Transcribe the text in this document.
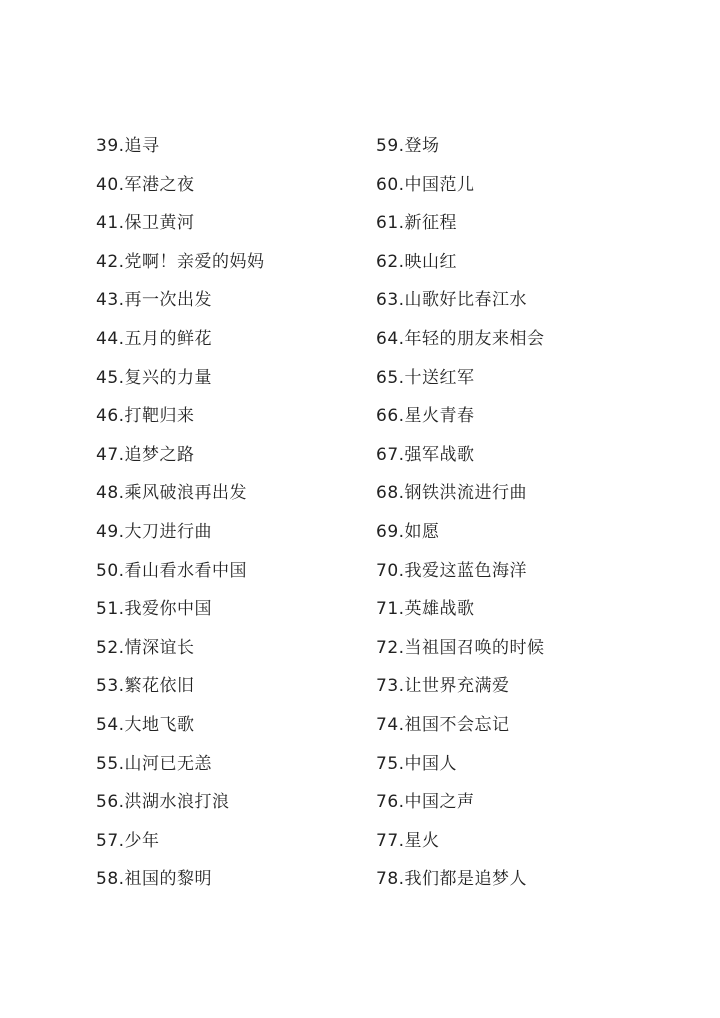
39.追寻
40.军港之夜
41.保卫黄河
42.党啊！亲爱的妈妈
43.再一次出发
44.五月的鲜花
45.复兴的力量
46.打靶归来
47.追梦之路
48.乘风破浪再出发
49.大刀进行曲
50.看山看水看中国
51.我爱你中国
52.情深谊长
53.繁花依旧
54.大地飞歌
55.山河已无恙
56.洪湖水浪打浪
57.少年
58.祖国的黎明
59.登场
60.中国范儿
61.新征程
62.映山红
63.山歌好比春江水
64.年轻的朋友来相会
65.十送红军
66.星火青春
67.强军战歌
68.钢铁洪流进行曲
69.如愿
70.我爱这蓝色海洋
71.英雄战歌
72.当祖国召唤的时候
73.让世界充满爱
74.祖国不会忘记
75.中国人
76.中国之声
77.星火
78.我们都是追梦人
